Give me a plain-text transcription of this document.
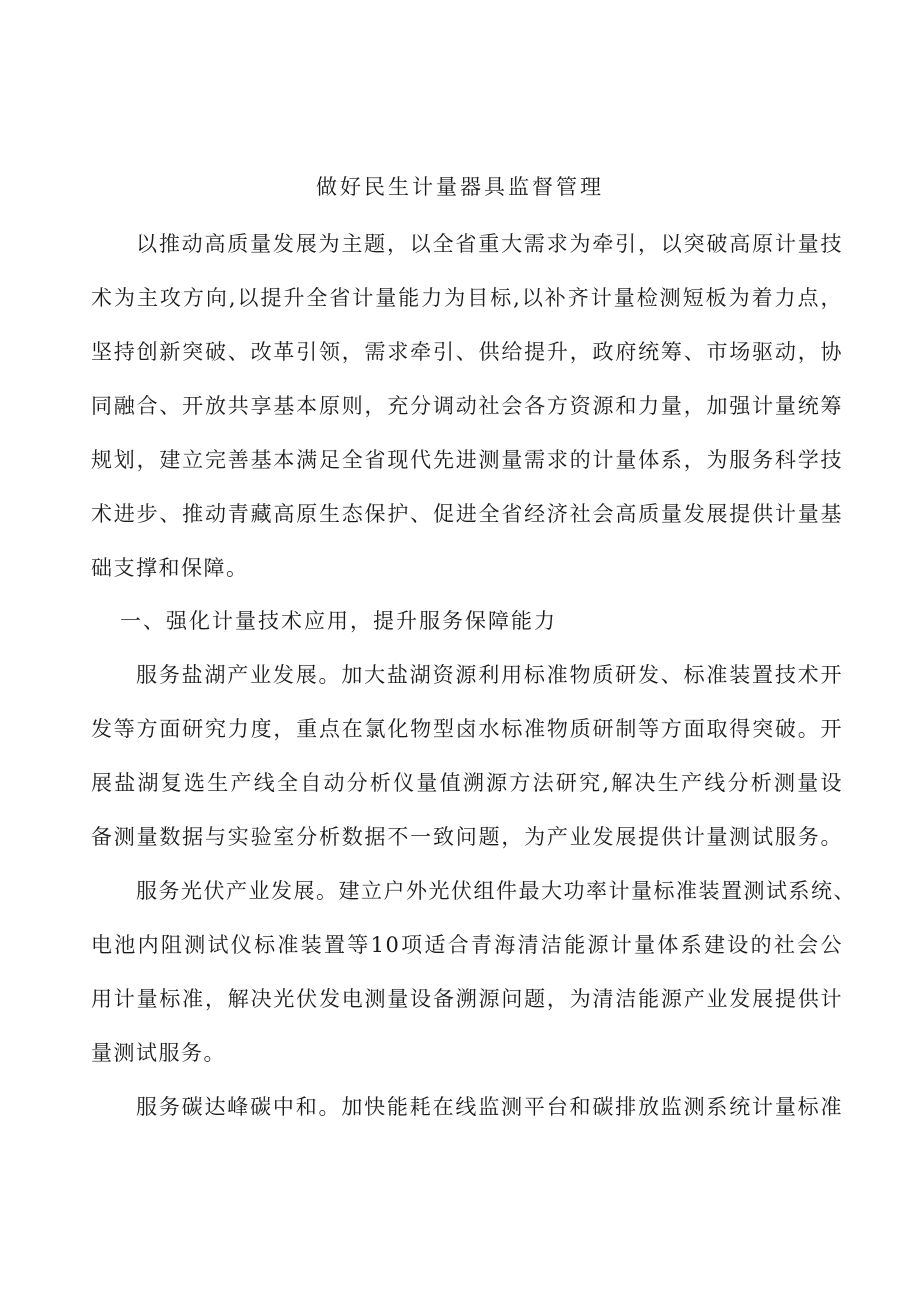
做好民生计量器具监督管理
以推动高质量发展为主题，以全省重大需求为牵引，以突破高原计量技
术为主攻方向,以提升全省计量能力为目标,以补齐计量检测短板为着力点，
坚持创新突破、改革引领，需求牵引、供给提升，政府统筹、市场驱动，协
同融合、开放共享基本原则，充分调动社会各方资源和力量，加强计量统筹
规划，建立完善基本满足全省现代先进测量需求的计量体系，为服务科学技
术进步、推动青藏高原生态保护、促进全省经济社会高质量发展提供计量基
础支撑和保障。
一、强化计量技术应用，提升服务保障能力
服务盐湖产业发展。加大盐湖资源利用标准物质研发、标准装置技术开
发等方面研究力度，重点在氯化物型卤水标准物质研制等方面取得突破。开
展盐湖复选生产线全自动分析仪量值溯源方法研究,解决生产线分析测量设
备测量数据与实验室分析数据不一致问题，为产业发展提供计量测试服务。
服务光伏产业发展。建立户外光伏组件最大功率计量标准装置测试系统、
电池内阻测试仪标准装置等10项适合青海清洁能源计量体系建设的社会公
用计量标准，解决光伏发电测量设备溯源问题，为清洁能源产业发展提供计
量测试服务。
服务碳达峰碳中和。加快能耗在线监测平台和碳排放监测系统计量标准
